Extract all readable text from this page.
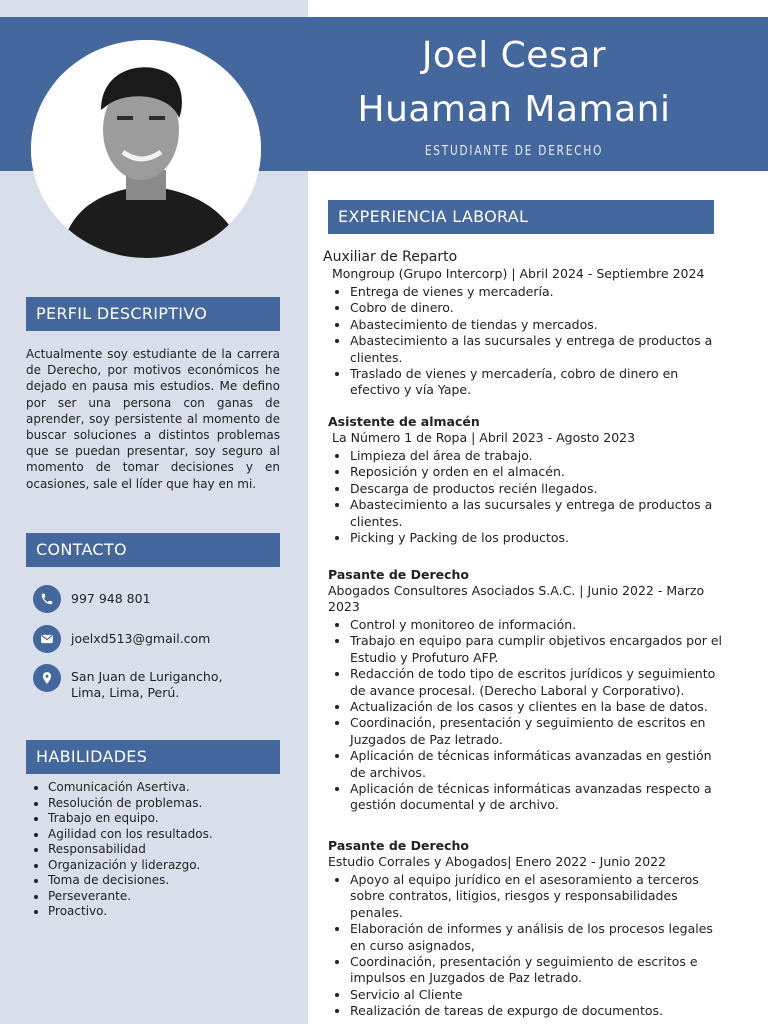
Joel Cesar
Huaman Mamani
ESTUDIANTE DE DERECHO
PERFIL DESCRIPTIVO
Actualmente soy estudiante de la carrera de Derecho, por motivos económicos he dejado en pausa mis estudios. Me defino por ser una persona con ganas de aprender, soy persistente al momento de buscar soluciones a distintos problemas que se puedan presentar, soy seguro al momento de tomar decisiones y en ocasiones, sale el líder que hay en mi.
CONTACTO
997 948 801
joelxd513@gmail.com
San Juan de Lurigancho,
Lima, Lima, Perú.
HABILIDADES
• Comunicación Asertiva.
• Resolución de problemas.
• Trabajo en equipo.
• Agilidad con los resultados.
• Responsabilidad
• Organización y liderazgo.
• Toma de decisiones.
• Perseverante.
• Proactivo.
EXPERIENCIA LABORAL
Auxiliar de Reparto
Mongroup (Grupo Intercorp) | Abril 2024 - Septiembre 2024
• Entrega de vienes y mercadería.
• Cobro de dinero.
• Abastecimiento de tiendas y mercados.
• Abastecimiento a las sucursales y entrega de productos a clientes.
• Traslado de vienes y mercadería, cobro de dinero en efectivo y vía Yape.
Asistente de almacén
La Número 1 de Ropa | Abril 2023 - Agosto 2023
• Limpieza del área de trabajo.
• Reposición y orden en el almacén.
• Descarga de productos recién llegados.
• Abastecimiento a las sucursales y entrega de productos a clientes.
• Picking y Packing de los productos.
Pasante de Derecho
Abogados Consultores Asociados S.A.C. | Junio 2022 - Marzo 2023
• Control y monitoreo de información.
• Trabajo en equipo para cumplir objetivos encargados por el Estudio y Profuturo AFP.
• Redacción de todo tipo de escritos jurídicos y seguimiento de avance procesal. (Derecho Laboral y Corporativo).
• Actualización de los casos y clientes en la base de datos.
• Coordinación, presentación y seguimiento de escritos en Juzgados de Paz letrado.
• Aplicación de técnicas informáticas avanzadas en gestión de archivos.
• Aplicación de técnicas informáticas avanzadas respecto a gestión documental y de archivo.
Pasante de Derecho
Estudio Corrales y Abogados| Enero 2022 - Junio 2022
• Apoyo al equipo jurídico en el asesoramiento a terceros sobre contratos, litigios, riesgos y responsabilidades penales.
• Elaboración de informes y análisis de los procesos legales en curso asignados,
• Coordinación, presentación y seguimiento de escritos e impulsos en Juzgados de Paz letrado.
• Servicio al Cliente
• Realización de tareas de expurgo de documentos.
